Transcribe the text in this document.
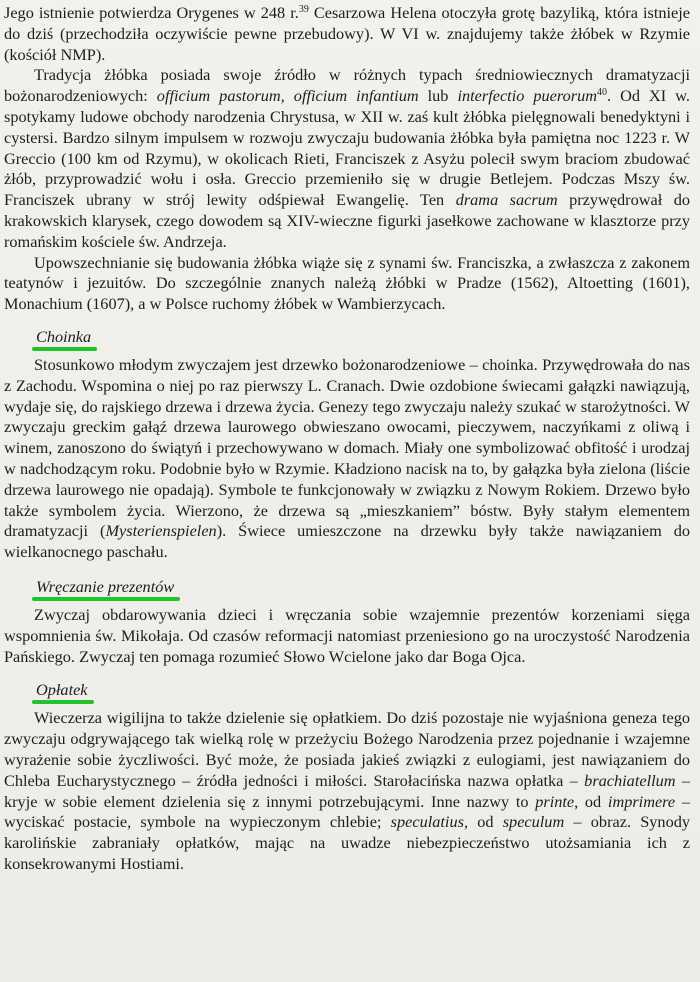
Jego istnienie potwierdza Orygenes w 248 r.$^{39}$ Cesarzowa Helena otoczyła grotę bazyliką, która istnieje do dziś (przechodziła oczywiście pewne przebudowy). W VI w. znajdujemy także żłóbek w Rzymie (kościół NMP).

Tradycja żłóbka posiada swoje źródło w różnych typach średniowiecznych dramatyzacji bożonarodzeniowych: officium pastorum, officium infantium lub interfectio puerorum$^{40}$. Od XI w. spotykamy ludowe obchody narodzenia Chrystusa, w XII w. zaś kult żłóbka pielęgnowali benedyktyni i cystersi. Bardzo silnym impulsem w rozwoju zwyczaju budowania żłóbka była pamiętna noc 1223 r. W Greccio (100 km od Rzymu), w okolicach Rieti, Franciszek z Asyżu polecił swym braciom zbudować żłób, przyprowadzić wołu i osła. Greccio przemieniło się w drugie Betlejem. Podczas Mszy św. Franciszek ubrany w strój lewity odśpiewał Ewangelię. Ten drama sacrum przywędrował do krakowskich klarysek, czego dowodem są XIV-wieczne figurki jasełkowe zachowane w klasztorze przy romańskim kościele św. Andrzeja.

Upowszechnianie się budowania żłóbka wiąże się z synami św. Franciszka, a zwłaszcza z zakonem teatynów i jezuitów. Do szczególnie znanych należą żłóbki w Pradze (1562), Altoetting (1601), Monachium (1607), a w Polsce ruchomy żłóbek w Wambierzycach.

Choinka

Stosunkowo młodym zwyczajem jest drzewko bożonarodzeniowe – choinka. Przywędrowała do nas z Zachodu. Wspomina o niej po raz pierwszy L. Cranach. Dwie ozdobione świecami gałązki nawiązują, wydaje się, do rajskiego drzewa i drzewa życia. Genezy tego zwyczaju należy szukać w starożytności. W zwyczaju greckim gałąź drzewa laurowego obwieszano owocami, pieczywem, naczyńkami z oliwą i winem, zanoszono do świątyń i przechowywano w domach. Miały one symbolizować obfitość i urodzaj w nadchodzącym roku. Podobnie było w Rzymie. Kładziono nacisk na to, by gałązka była zielona (liście drzewa laurowego nie opadają). Symbole te funkcjonowały w związku z Nowym Rokiem. Drzewo było także symbolem życia. Wierzono, że drzewa są „mieszkaniem” bóstw. Były stałym elementem dramatyzacji (Mysterienspielen). Świece umieszczone na drzewku były także nawiązaniem do wielkanocnego paschału.

Wręczanie prezentów

Zwyczaj obdarowywania dzieci i wręczania sobie wzajemnie prezentów korzeniami sięga wspomnienia św. Mikołaja. Od czasów reformacji natomiast przeniesiono go na uroczystość Narodzenia Pańskiego. Zwyczaj ten pomaga rozumieć Słowo Wcielone jako dar Boga Ojca.

Opłatek

Wieczerza wigilijna to także dzielenie się opłatkiem. Do dziś pozostaje nie wyjaśniona geneza tego zwyczaju odgrywającego tak wielką rolę w przeżyciu Bożego Narodzenia przez pojednanie i wzajemne wyrażenie sobie życzliwości. Być może, że posiada jakieś związki z eulogiami, jest nawiązaniem do Chleba Eucharystycznego – źródła jedności i miłości. Starołacińska nazwa opłatka – brachiatellum – kryje w sobie element dzielenia się z innymi potrzebującymi. Inne nazwy to printe, od imprimere – wyciskać postacie, symbole na wypieczonym chlebie; speculatius, od speculum – obraz. Synody karolińskie zabraniały opłatków, mając na uwadze niebezpieczeństwo utożsamiania ich z konsekrowanymi Hostiami.
